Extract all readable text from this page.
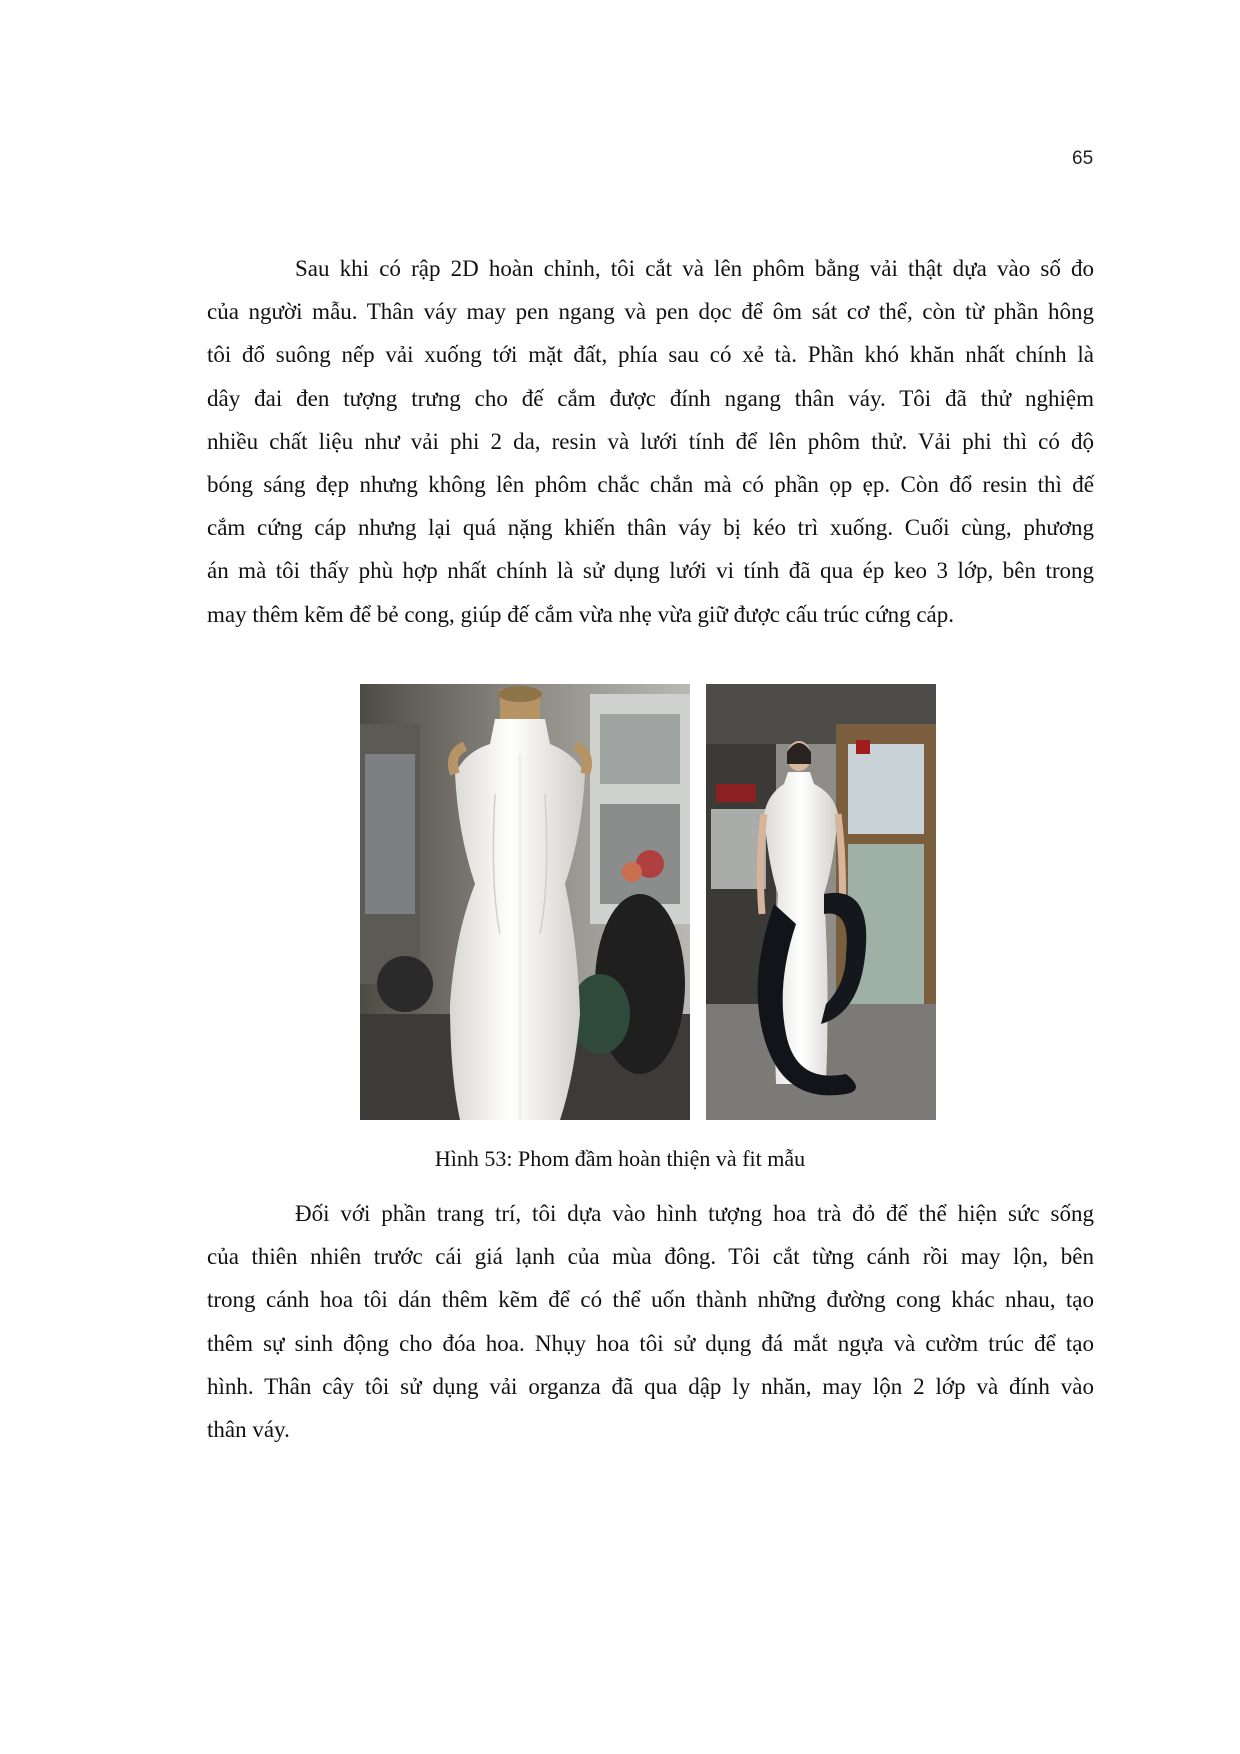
65
Sau khi có rập 2D hoàn chỉnh, tôi cắt và lên phôm bằng vải thật dựa vào số đo
của người mẫu. Thân váy may pen ngang và pen dọc để ôm sát cơ thể, còn từ phần hông
tôi đổ suông nếp vải xuống tới mặt đất, phía sau có xẻ tà. Phần khó khăn nhất chính là
dây đai đen tượng trưng cho đế cắm được đính ngang thân váy. Tôi đã thử nghiệm
nhiều chất liệu như vải phi 2 da, resin và lưới tính để lên phôm thử. Vải phi thì có độ
bóng sáng đẹp nhưng không lên phôm chắc chắn mà có phần ọp ẹp. Còn đổ resin thì đế
cắm cứng cáp nhưng lại quá nặng khiến thân váy bị kéo trì xuống. Cuối cùng, phương
án mà tôi thấy phù hợp nhất chính là sử dụng lưới vi tính đã qua ép keo 3 lớp, bên trong
may thêm kẽm để bẻ cong, giúp đế cắm vừa nhẹ vừa giữ được cấu trúc cứng cáp.
Hình 53: Phom đầm hoàn thiện và fit mẫu
Đối với phần trang trí, tôi dựa vào hình tượng hoa trà đỏ để thể hiện sức sống
của thiên nhiên trước cái giá lạnh của mùa đông. Tôi cắt từng cánh rồi may lộn, bên
trong cánh hoa tôi dán thêm kẽm để có thể uốn thành những đường cong khác nhau, tạo
thêm sự sinh động cho đóa hoa. Nhụy hoa tôi sử dụng đá mắt ngựa và cườm trúc để tạo
hình. Thân cây tôi sử dụng vải organza đã qua dập ly nhăn, may lộn 2 lớp và đính vào
thân váy.
